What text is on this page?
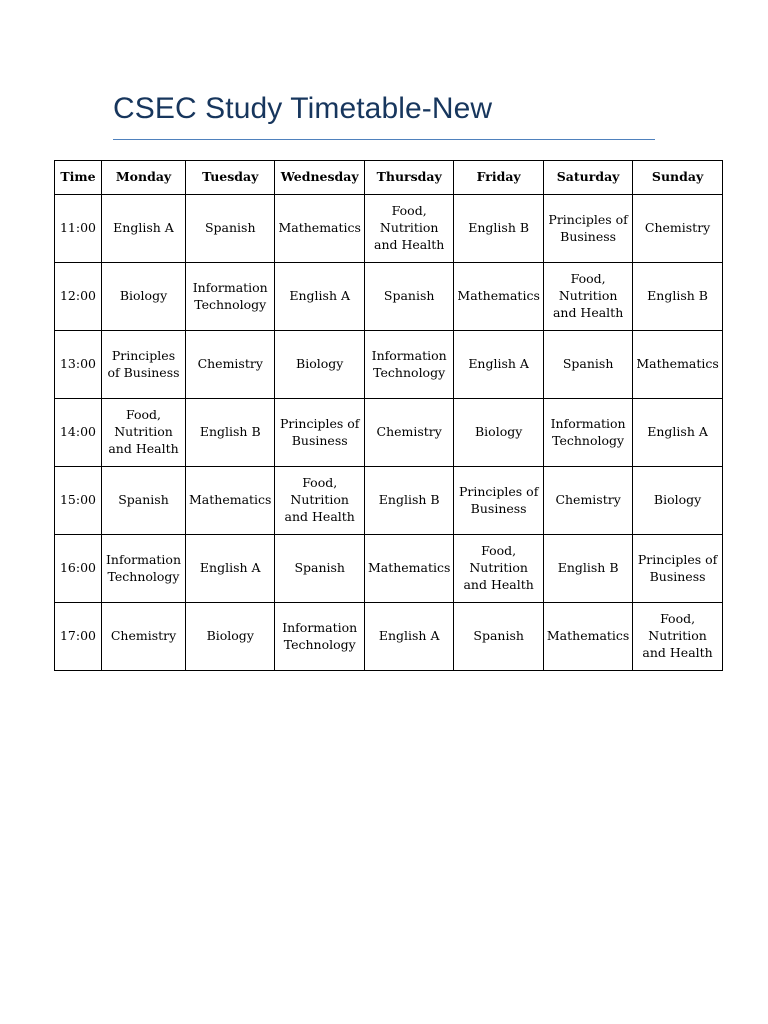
CSEC Study Timetable-New
Time	Monday	Tuesday	Wednesday	Thursday	Friday	Saturday	Sunday
11:00	English A	Spanish	Mathematics	Food, Nutrition and Health	English B	Principles of Business	Chemistry
12:00	Biology	Information Technology	English A	Spanish	Mathematics	Food, Nutrition and Health	English B
13:00	Principles of Business	Chemistry	Biology	Information Technology	English A	Spanish	Mathematics
14:00	Food, Nutrition and Health	English B	Principles of Business	Chemistry	Biology	Information Technology	English A
15:00	Spanish	Mathematics	Food, Nutrition and Health	English B	Principles of Business	Chemistry	Biology
16:00	Information Technology	English A	Spanish	Mathematics	Food, Nutrition and Health	English B	Principles of Business
17:00	Chemistry	Biology	Information Technology	English A	Spanish	Mathematics	Food, Nutrition and Health
